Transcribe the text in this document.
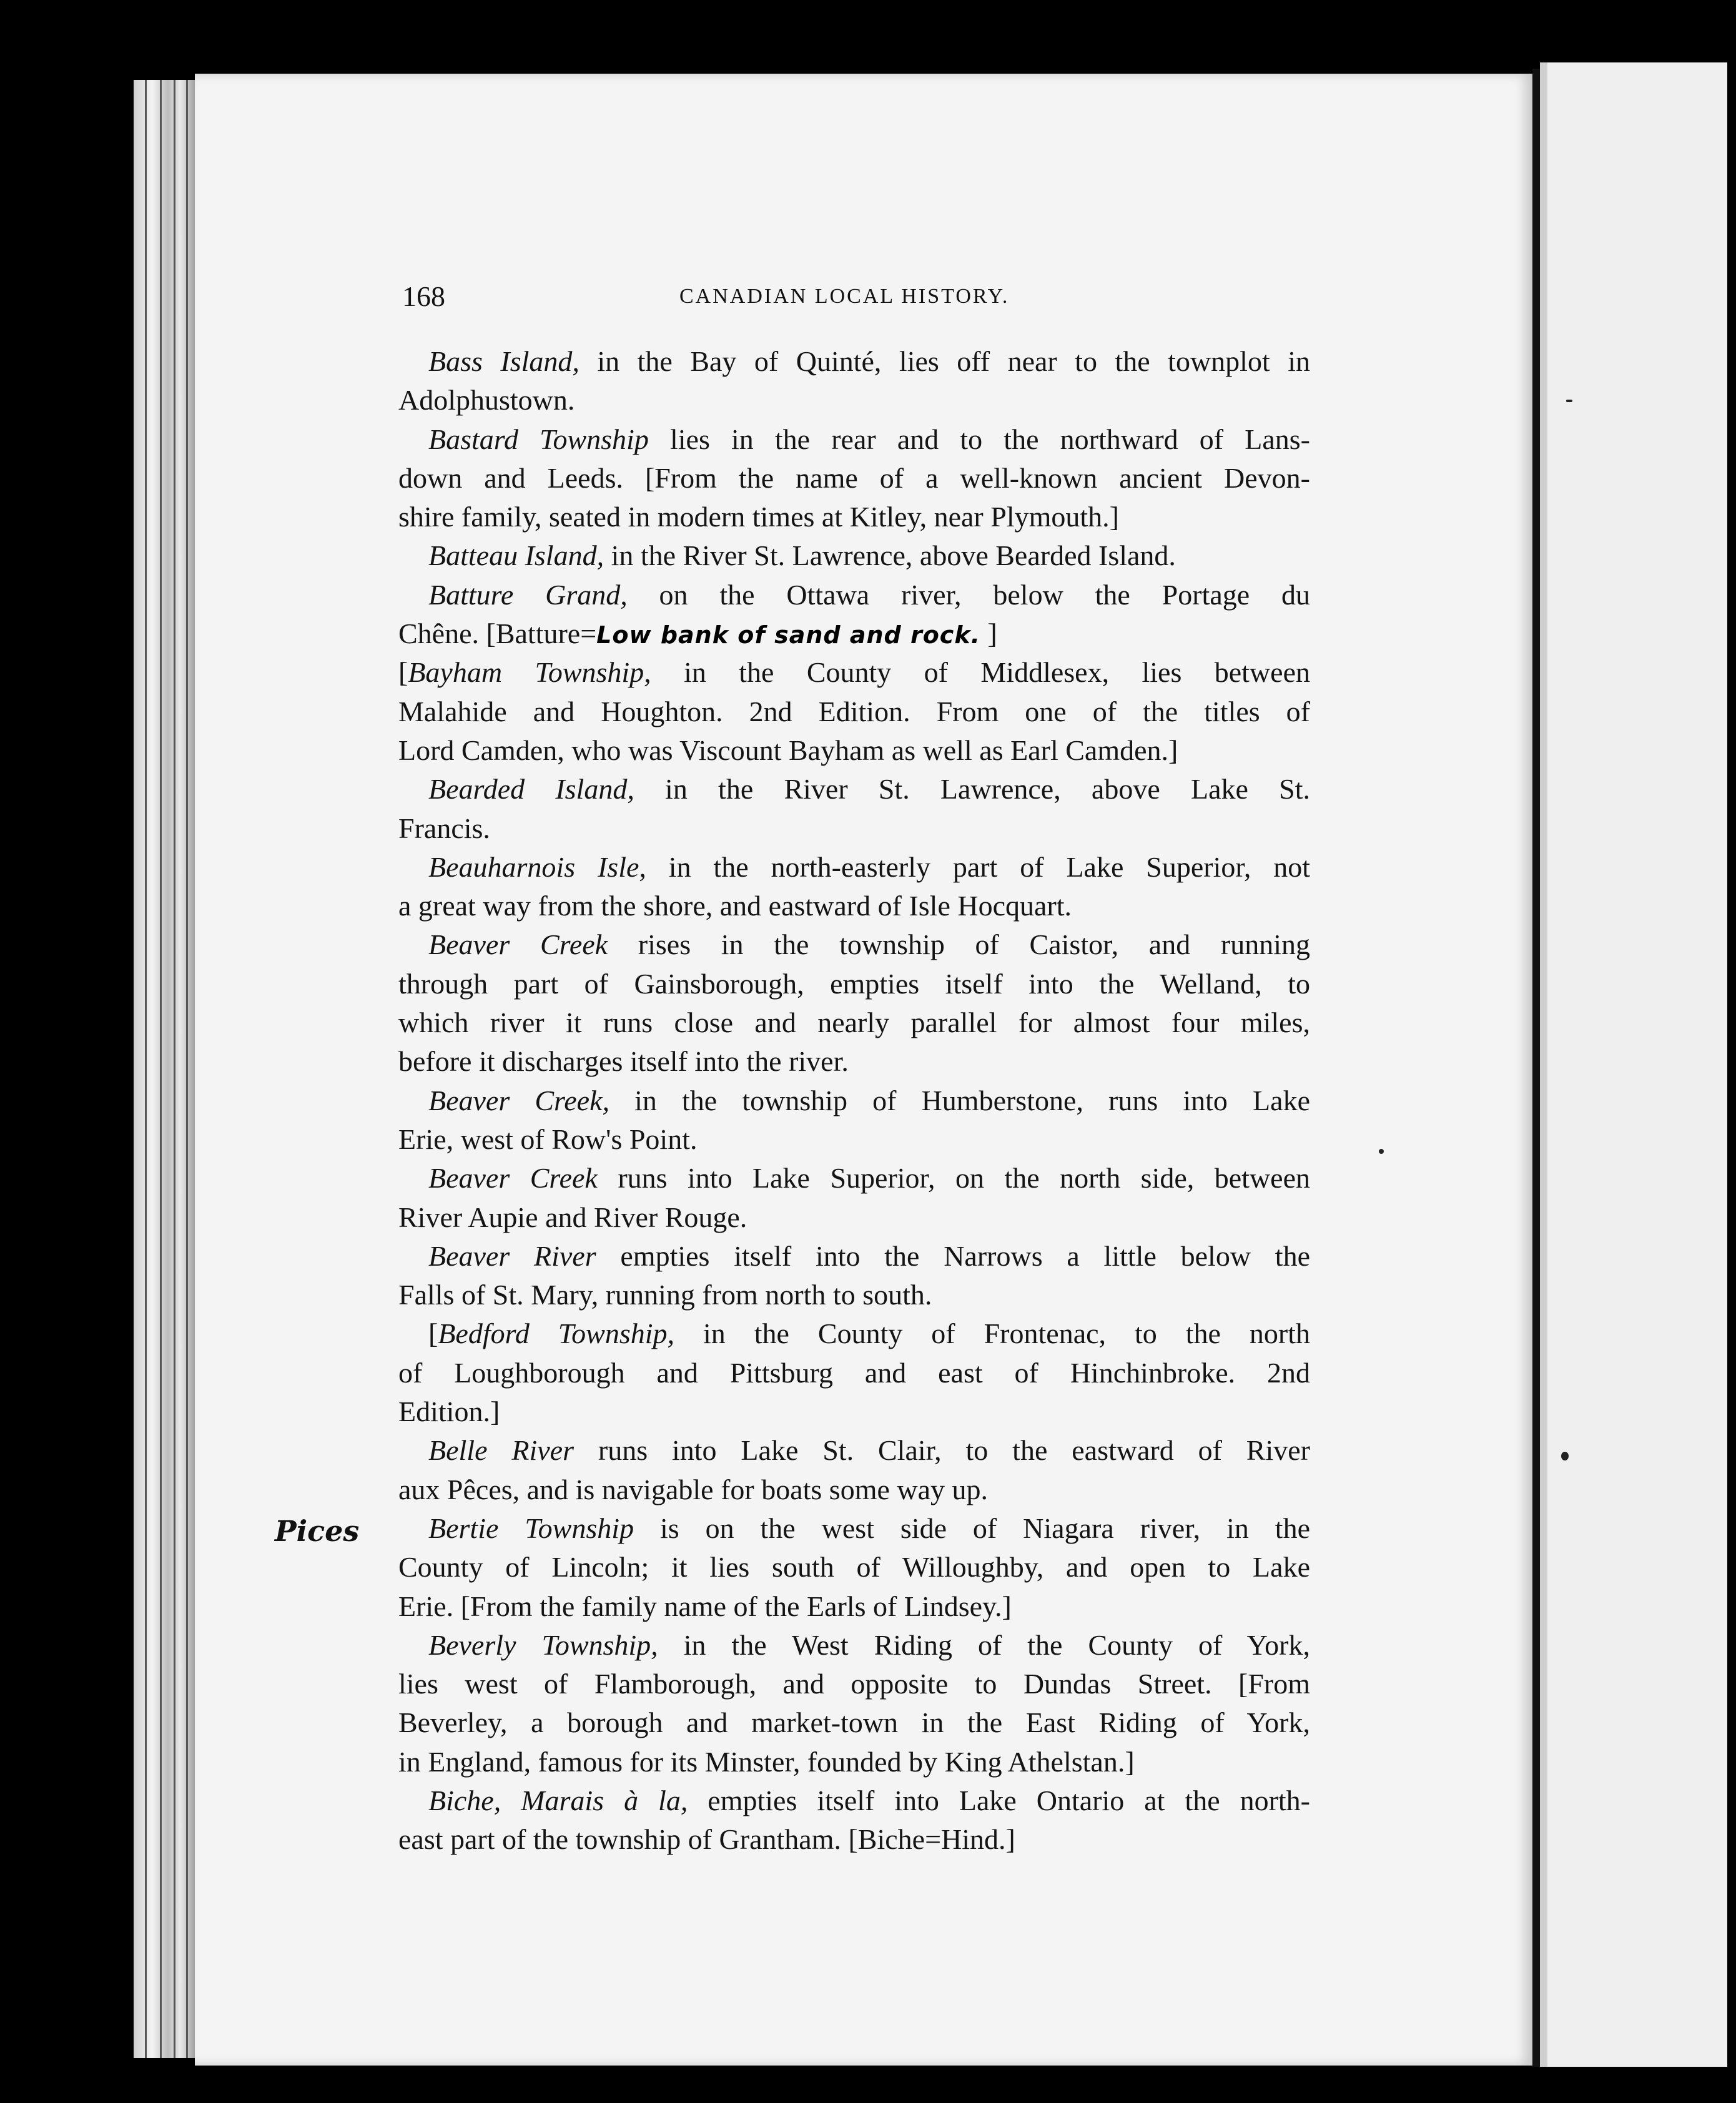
168	CANADIAN LOCAL HISTORY.
Pices
Bass Island, in the Bay of Quinté, lies off near to the townplot in
Adolphustown.
Bastard Township lies in the rear and to the northward of Lans-
down and Leeds. [From the name of a well-known ancient Devon-
shire family, seated in modern times at Kitley, near Plymouth.]
Batteau Island, in the River St. Lawrence, above Bearded Island.
Batture Grand, on the Ottawa river, below the Portage du
Chêne. [Batture=Low bank of sand and rock. ]
[Bayham Township, in the County of Middlesex, lies between
Malahide and Houghton. 2nd Edition. From one of the titles of
Lord Camden, who was Viscount Bayham as well as Earl Camden.]
Bearded Island, in the River St. Lawrence, above Lake St.
Francis.
Beauharnois Isle, in the north-easterly part of Lake Superior, not
a great way from the shore, and eastward of Isle Hocquart.
Beaver Creek rises in the township of Caistor, and running
through part of Gainsborough, empties itself into the Welland, to
which river it runs close and nearly parallel for almost four miles,
before it discharges itself into the river.
Beaver Creek, in the township of Humberstone, runs into Lake
Erie, west of Row's Point.
Beaver Creek runs into Lake Superior, on the north side, between
River Aupie and River Rouge.
Beaver River empties itself into the Narrows a little below the
Falls of St. Mary, running from north to south.
[Bedford Township, in the County of Frontenac, to the north
of Loughborough and Pittsburg and east of Hinchinbroke. 2nd
Edition.]
Belle River runs into Lake St. Clair, to the eastward of River
aux Pêces, and is navigable for boats some way up.
Bertie Township is on the west side of Niagara river, in the
County of Lincoln; it lies south of Willoughby, and open to Lake
Erie. [From the family name of the Earls of Lindsey.]
Beverly Township, in the West Riding of the County of York,
lies west of Flamborough, and opposite to Dundas Street. [From
Beverley, a borough and market-town in the East Riding of York,
in England, famous for its Minster, founded by King Athelstan.]
Biche, Marais à la, empties itself into Lake Ontario at the north-
east part of the township of Grantham. [Biche=Hind.]
